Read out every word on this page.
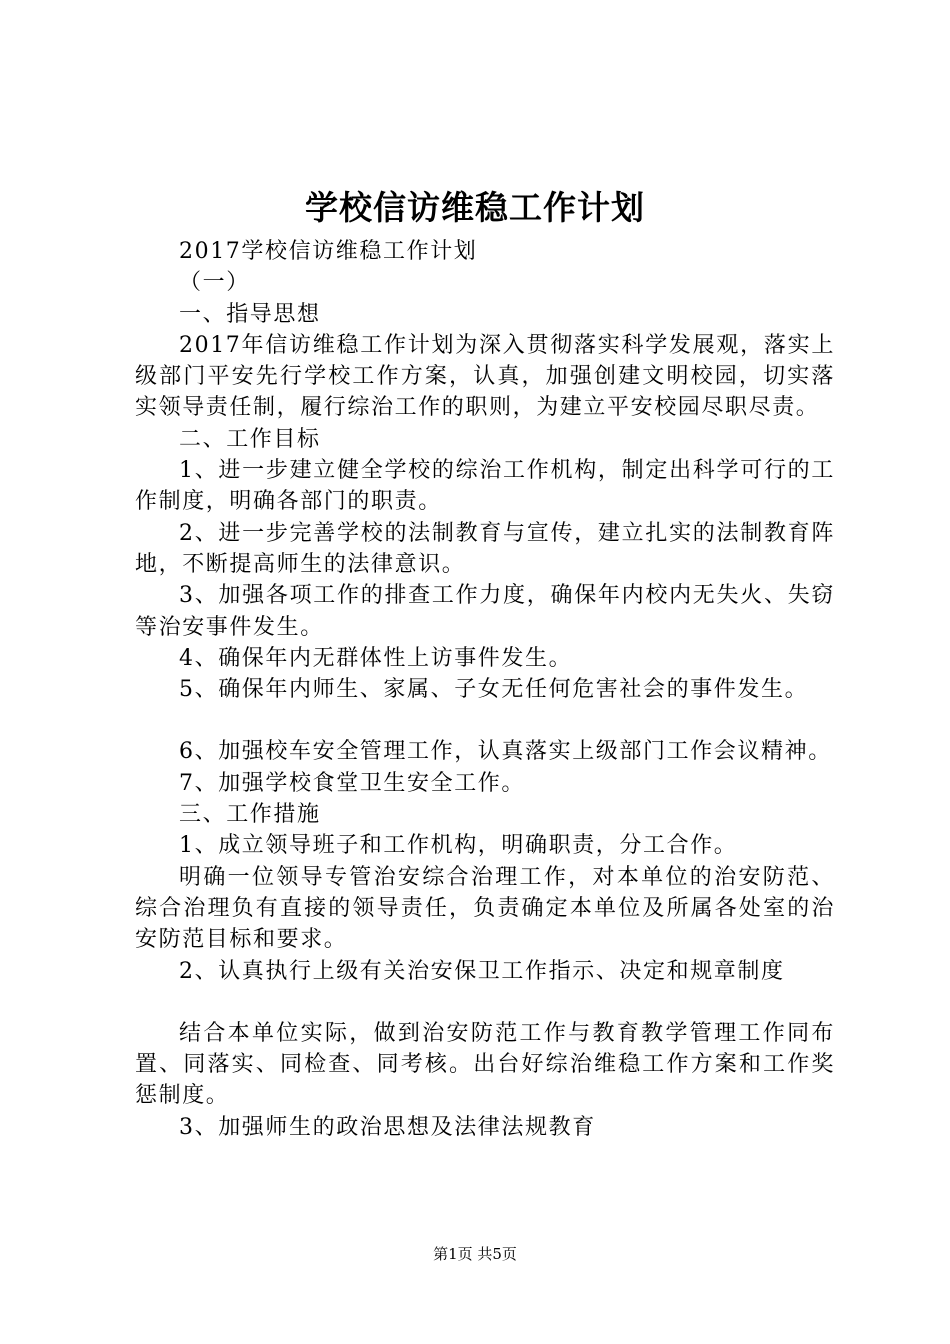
学校信访维稳工作计划

2017学校信访维稳工作计划

（一）

一、指导思想

2017年信访维稳工作计划为深入贯彻落实科学发展观，落实上级部门平安先行学校工作方案，认真，加强创建文明校园，切实落实领导责任制，履行综治工作的职则，为建立平安校园尽职尽责。

二、工作目标

1、进一步建立健全学校的综治工作机构，制定出科学可行的工作制度，明确各部门的职责。

2、进一步完善学校的法制教育与宣传，建立扎实的法制教育阵地，不断提高师生的法律意识。

3、加强各项工作的排查工作力度，确保年内校内无失火、失窃等治安事件发生。

4、确保年内无群体性上访事件发生。

5、确保年内师生、家属、子女无任何危害社会的事件发生。

6、加强校车安全管理工作，认真落实上级部门工作会议精神。

7、加强学校食堂卫生安全工作。

三、工作措施

1、成立领导班子和工作机构，明确职责，分工合作。

明确一位领导专管治安综合治理工作，对本单位的治安防范、综合治理负有直接的领导责任，负责确定本单位及所属各处室的治安防范目标和要求。

2、认真执行上级有关治安保卫工作指示、决定和规章制度

结合本单位实际，做到治安防范工作与教育教学管理工作同布置、同落实、同检查、同考核。出台好综治维稳工作方案和工作奖惩制度。

3、加强师生的政治思想及法律法规教育

第1页 共5页
